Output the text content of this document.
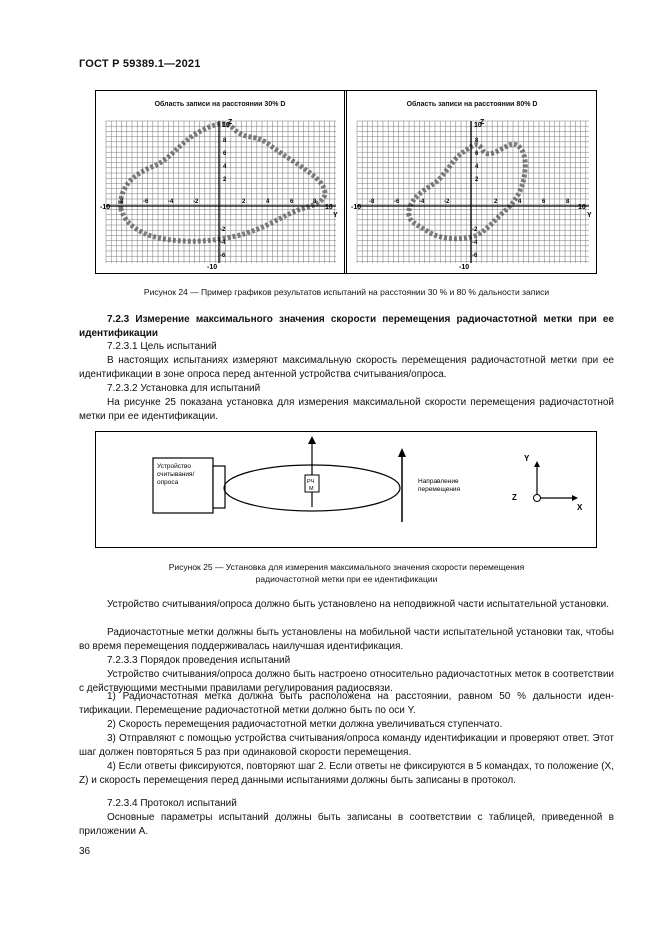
ГОСТ Р 59389.1—2021
Область записи на расстоянии 30% D
10
-10
Z
Y
-10	10
8
6
4
2
-2
-4
-6
-8	-6	-4	-2	2	4	6	8
Область записи на расстоянии 80% D
10
-10
Z
Y
-10	10
8
6
4
2
-2
-4
-6
-8	-6	-4	-2	2	4	6	8
Рисунок 24 — Пример графиков результатов испытаний на расстоянии 30 % и 80 % дальности записи
7.2.3 Измерение максимального значения скорости перемещения радиочастотной метки при ее идентификации
7.2.3.1 Цель испытаний
В настоящих испытаниях измеряют максимальную скорость перемещения радиочастотной метки при ее идентификации в зоне опроса перед антенной устройства считывания/опроса.
7.2.3.2 Установка для испытаний
На рисунке 25 показана установка для измерения максимальной скорости перемещения радиочастотной метки при ее идентификации.
Устройство считывания/ опроса	РЧ М
Направление перемещения
Y
Z
X
Рисунок 25 — Установка для измерения максимального значения скорости перемещения
радиочастотной метки при ее идентификации
Устройство считывания/опроса должно быть установлено на неподвижной части испытательной установки.
Радиочастотные метки должны быть установлены на мобильной части испытательной установки так, чтобы во время перемещения поддерживалась наилучшая идентификация.
7.2.3.3 Порядок проведения испытаний
Устройство считывания/опроса должно быть настроено относительно радиочастотных меток в соответствии с действующими местными правилами регулирования радиосвязи.
1) Радиочастотная метка должна быть расположена на расстоянии, равном 50 % дальности идентификации. Перемещение радиочастотной метки должно быть по оси Y.
2) Скорость перемещения радиочастотной метки должна увеличиваться ступенчато.
3) Отправляют с помощью устройства считывания/опроса команду идентификации и проверяют ответ. Этот шаг должен повторяться 5 раз при одинаковой скорости перемещения.
4) Если ответы фиксируются, повторяют шаг 2. Если ответы не фиксируются в 5 командах, то положение (X, Z) и скорость перемещения перед данными испытаниями должны быть записаны в протокол.
7.2.3.4 Протокол испытаний
Основные параметры испытаний должны быть записаны в соответствии с таблицей, приведенной в приложении А.
36
